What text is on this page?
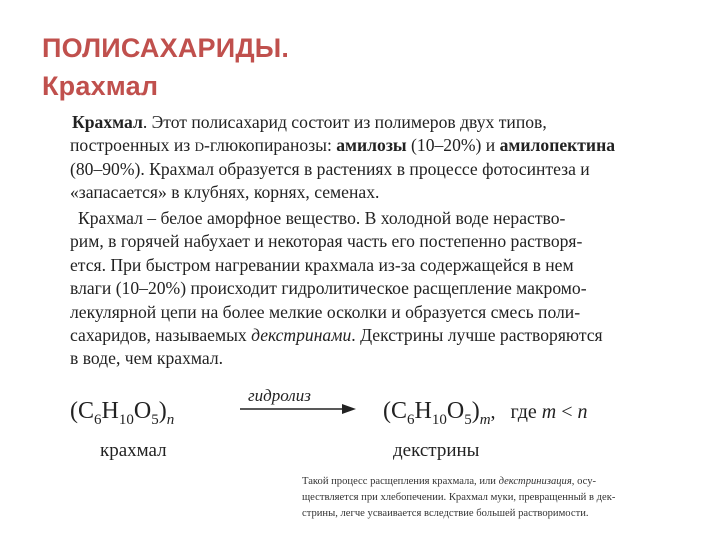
ПОЛИСАХАРИДЫ.
Крахмал
Крахмал. Этот полисахарид состоит из полимеров двух типов,
построенных из D-глюкопиранозы: амилозы (10–20%) и амилопектина
(80–90%). Крахмал образуется в растениях в процессе фотосинтеза и
«запасается» в клубнях, корнях, семенах.
Крахмал – белое аморфное вещество. В холодной воде нераство-
рим, в горячей набухает и некоторая часть его постепенно растворя-
ется. При быстром нагревании крахмала из-за содержащейся в нем
влаги (10–20%) происходит гидролитическое расщепление макромо-
лекулярной цепи на более мелкие осколки и образуется смесь поли-
сахаридов, называемых декстринами. Декстрины лучше растворяются
в воде, чем крахмал.
$(C_6H_{10}O_5)_n$
гидролиз
$(C_6H_{10}O_5)_m$,   где m < n
крахмал	декстрины
Такой процесс расщепления крахмала, или декстринизация, осу-
ществляется при хлебопечении. Крахмал муки, превращенный в дек-
стрины, легче усваивается вследствие большей растворимости.
